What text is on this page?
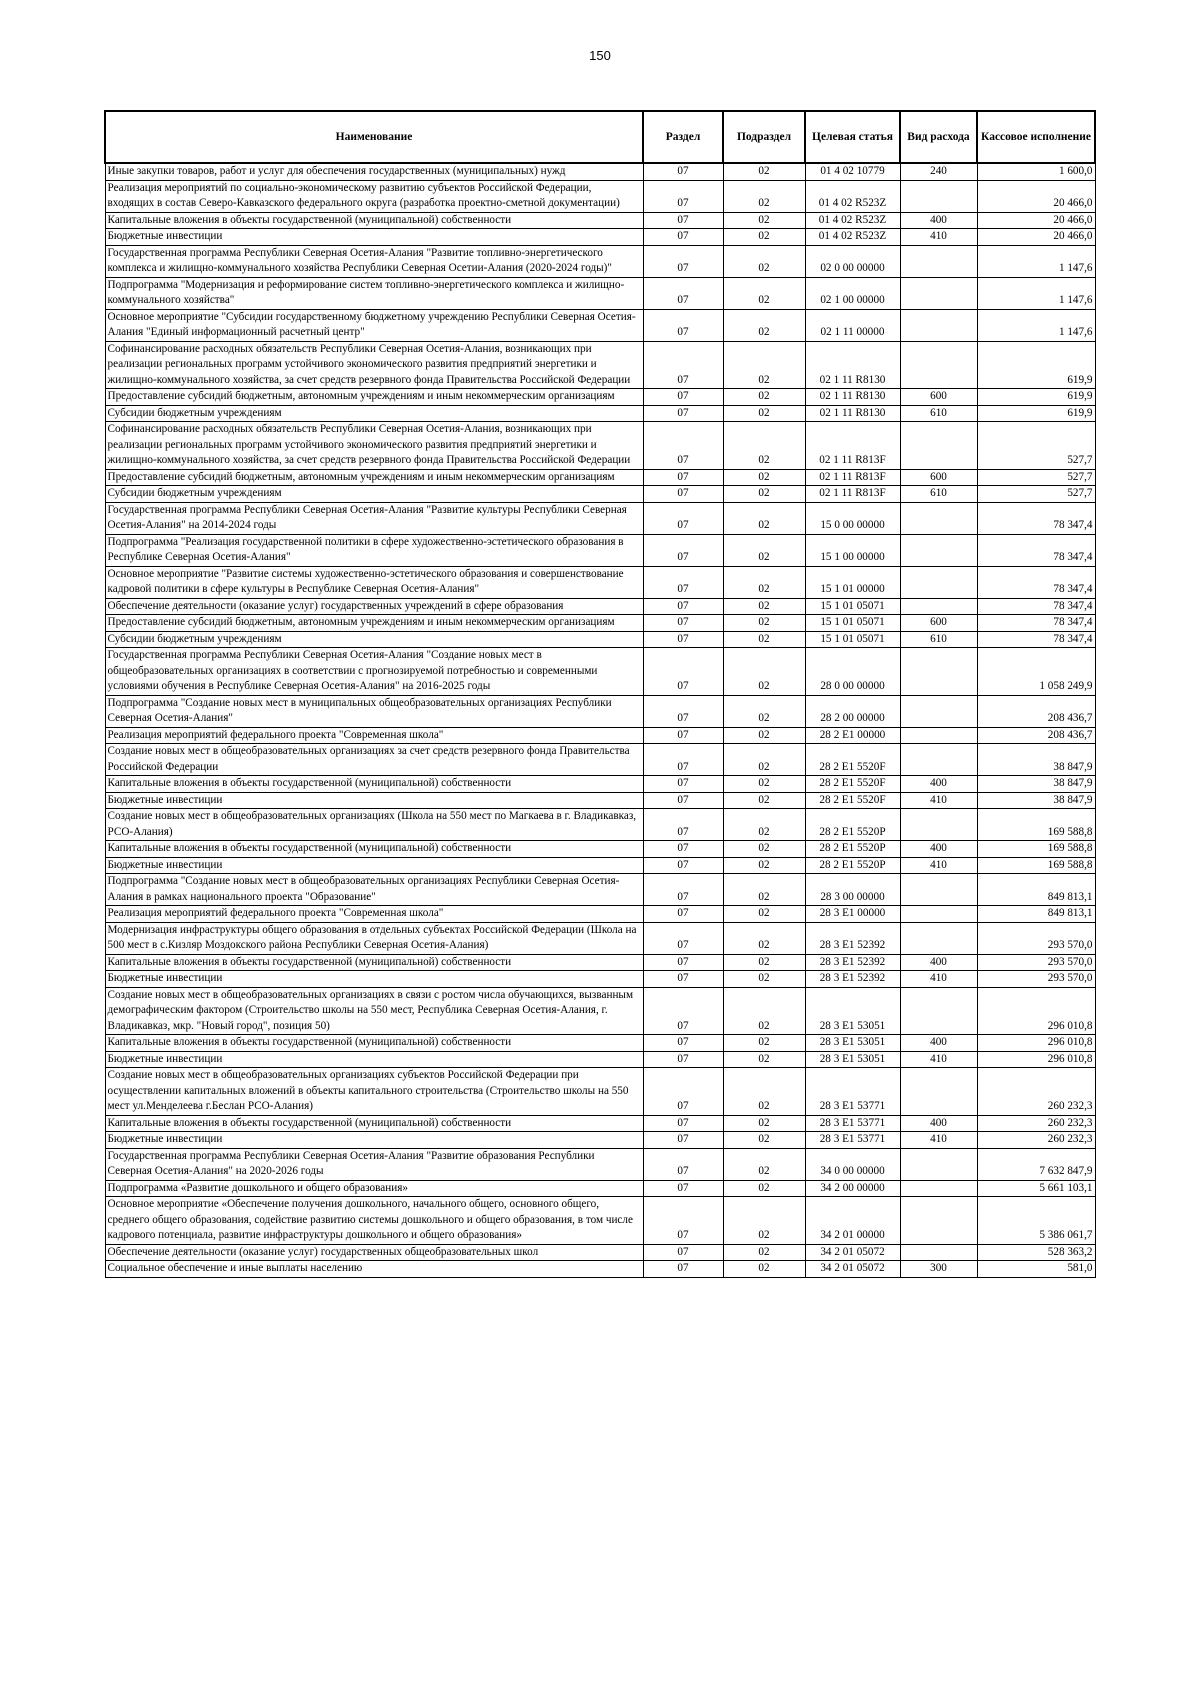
150
Наименование	Раздел	Подраздел	Целевая статья	Вид расхода	Кассовое исполнение
Иные закупки товаров, работ и услуг для обеспечения государственных (муниципальных) нужд	07	02	01 4 02 10779	240	1 600,0
Реализация мероприятий по социально-экономическому развитию субъектов Российской Федерации, входящих в состав Северо-Кавказского федерального округа (разработка проектно-сметной документации)	07	02	01 4 02 R523Z		20 466,0
Капитальные вложения в объекты государственной (муниципальной) собственности	07	02	01 4 02 R523Z	400	20 466,0
Бюджетные инвестиции	07	02	01 4 02 R523Z	410	20 466,0
Государственная программа Республики Северная Осетия-Алания "Развитие топливно-энергетического комплекса и жилищно-коммунального хозяйства Республики Северная Осетии-Алания (2020-2024 годы)"	07	02	02 0 00 00000		1 147,6
Подпрограмма "Модернизация и реформирование систем топливно-энергетического комплекса и жилищно-коммунального хозяйства"	07	02	02 1 00 00000		1 147,6
Основное мероприятие "Субсидии государственному бюджетному учреждению Республики Северная Осетия-Алания "Единый информационный расчетный центр"	07	02	02 1 11 00000		1 147,6
Софинансирование расходных обязательств Республики Северная Осетия-Алания, возникающих при реализации региональных программ устойчивого экономического развития предприятий энергетики и жилищно-коммунального хозяйства, за счет средств резервного фонда Правительства Российской Федерации	07	02	02 1 11 R8130		619,9
Предоставление субсидий бюджетным, автономным учреждениям и иным некоммерческим организациям	07	02	02 1 11 R8130	600	619,9
Субсидии бюджетным учреждениям	07	02	02 1 11 R8130	610	619,9
Софинансирование расходных обязательств Республики Северная Осетия-Алания, возникающих при реализации региональных программ устойчивого экономического развития предприятий энергетики и жилищно-коммунального хозяйства, за счет средств резервного фонда Правительства Российской Федерации	07	02	02 1 11 R813F		527,7
Предоставление субсидий бюджетным, автономным учреждениям и иным некоммерческим организациям	07	02	02 1 11 R813F	600	527,7
Субсидии бюджетным учреждениям	07	02	02 1 11 R813F	610	527,7
Государственная программа Республики Северная Осетия-Алания "Развитие культуры Республики Северная Осетия-Алания" на 2014-2024 годы	07	02	15 0 00 00000		78 347,4
Подпрограмма "Реализация государственной политики в сфере художественно-эстетического образования в Республике Северная Осетия-Алания"	07	02	15 1 00 00000		78 347,4
Основное мероприятие "Развитие системы художественно-эстетического образования и совершенствование кадровой политики в сфере культуры в Республике Северная Осетия-Алания"	07	02	15 1 01 00000		78 347,4
Обеспечение деятельности (оказание услуг) государственных учреждений в сфере образования	07	02	15 1 01 05071		78 347,4
Предоставление субсидий бюджетным, автономным учреждениям и иным некоммерческим организациям	07	02	15 1 01 05071	600	78 347,4
Субсидии бюджетным учреждениям	07	02	15 1 01 05071	610	78 347,4
Государственная программа Республики Северная Осетия-Алания "Создание новых мест в общеобразовательных организациях в соответствии с прогнозируемой потребностью и современными условиями обучения в Республике Северная Осетия-Алания" на 2016-2025 годы	07	02	28 0 00 00000		1 058 249,9
Подпрограмма "Создание новых мест в муниципальных общеобразовательных организациях Республики Северная Осетия-Алания"	07	02	28 2 00 00000		208 436,7
Реализация мероприятий федерального проекта "Современная школа"	07	02	28 2 E1 00000		208 436,7
Создание новых мест в общеобразовательных организациях за счет средств резервного фонда Правительства Российской Федерации	07	02	28 2 E1 5520F		38 847,9
Капитальные вложения в объекты государственной (муниципальной) собственности	07	02	28 2 E1 5520F	400	38 847,9
Бюджетные инвестиции	07	02	28 2 E1 5520F	410	38 847,9
Создание новых мест в общеобразовательных организациях (Школа на 550 мест по Магкаева в г. Владикавказ, РСО-Алания)	07	02	28 2 E1 5520P		169 588,8
Капитальные вложения в объекты государственной (муниципальной) собственности	07	02	28 2 E1 5520P	400	169 588,8
Бюджетные инвестиции	07	02	28 2 E1 5520P	410	169 588,8
Подпрограмма "Создание новых мест в общеобразовательных организациях Республики Северная Осетия-Алания в рамках национального проекта "Образование"	07	02	28 3 00 00000		849 813,1
Реализация мероприятий федерального проекта "Современная школа"	07	02	28 3 E1 00000		849 813,1
Модернизация инфраструктуры общего образования в отдельных субъектах Российской Федерации (Школа на 500 мест в с.Кизляр Моздокского района Республики Северная Осетия-Алания)	07	02	28 3 E1 52392		293 570,0
Капитальные вложения в объекты государственной (муниципальной) собственности	07	02	28 3 E1 52392	400	293 570,0
Бюджетные инвестиции	07	02	28 3 E1 52392	410	293 570,0
Создание новых мест в общеобразовательных организациях в связи с ростом числа обучающихся, вызванным демографическим фактором (Строительство школы на 550 мест, Республика Северная Осетия-Алания, г. Владикавказ, мкр. "Новый город", позиция 50)	07	02	28 3 E1 53051		296 010,8
Капитальные вложения в объекты государственной (муниципальной) собственности	07	02	28 3 E1 53051	400	296 010,8
Бюджетные инвестиции	07	02	28 3 E1 53051	410	296 010,8
Создание новых мест в общеобразовательных организациях субъектов Российской Федерации при осуществлении капитальных вложений в объекты капитального строительства (Строительство школы на 550 мест ул.Менделеева г.Беслан РСО-Алания)	07	02	28 3 E1 53771		260 232,3
Капитальные вложения в объекты государственной (муниципальной) собственности	07	02	28 3 E1 53771	400	260 232,3
Бюджетные инвестиции	07	02	28 3 E1 53771	410	260 232,3
Государственная программа Республики Северная Осетия-Алания "Развитие образования Республики Северная Осетия-Алания" на 2020-2026 годы	07	02	34 0 00 00000		7 632 847,9
Подпрограмма «Развитие дошкольного и общего образования»	07	02	34 2 00 00000		5 661 103,1
Основное мероприятие «Обеспечение получения дошкольного, начального общего, основного общего, среднего общего образования, содействие развитию системы дошкольного и общего образования, в том числе кадрового потенциала, развитие инфраструктуры дошкольного и общего образования»	07	02	34 2 01 00000		5 386 061,7
Обеспечение деятельности (оказание услуг) государственных общеобразовательных школ	07	02	34 2 01 05072		528 363,2
Социальное обеспечение и иные выплаты населению	07	02	34 2 01 05072	300	581,0
